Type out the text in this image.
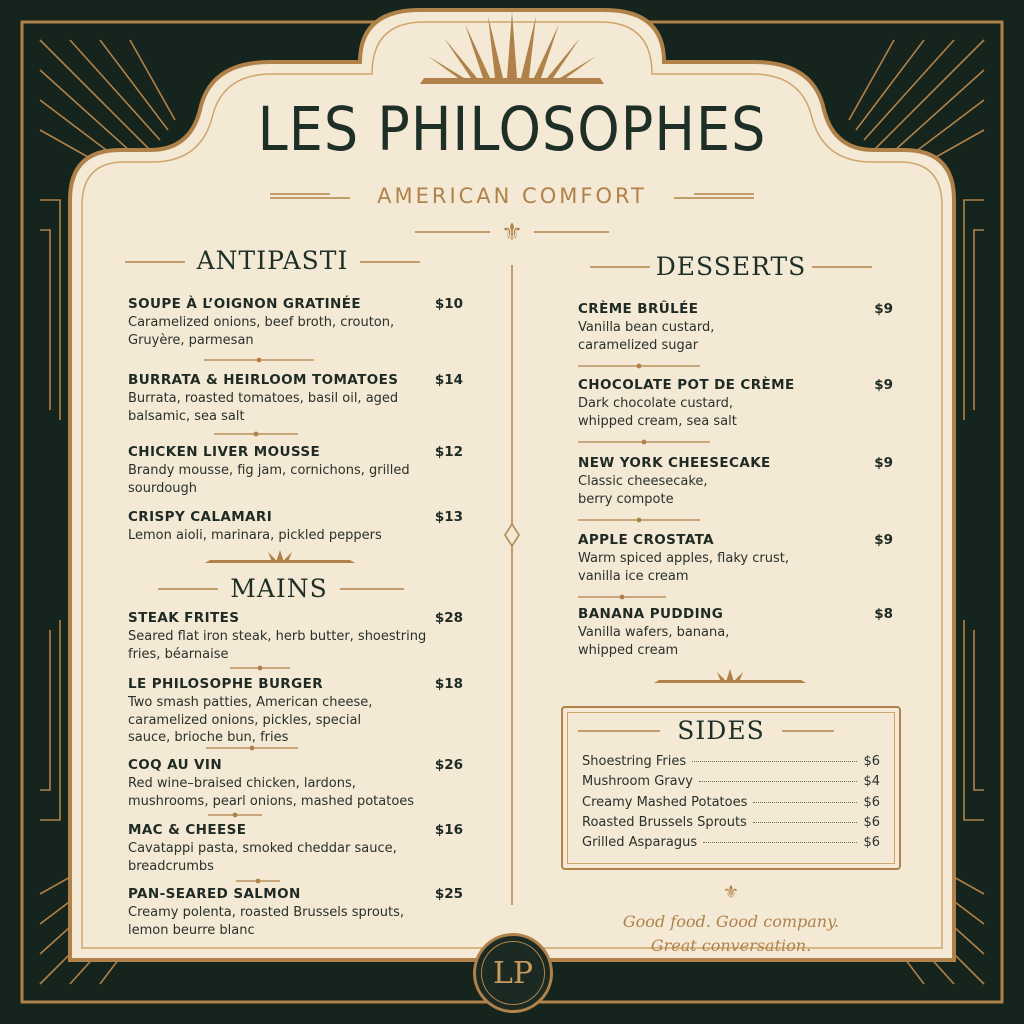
⚜
⚜
LES PHILOSOPHES
AMERICAN COMFORT
ANTIPASTI
SOUPE À L’OIGNON GRATINÉE	$10
Caramelized onions, beef broth, crouton, Gruyère, parmesan
BURRATA & HEIRLOOM TOMATOES	$14
Burrata, roasted tomatoes, basil oil, aged balsamic, sea salt
CHICKEN LIVER MOUSSE	$12
Brandy mousse, fig jam, cornichons, grilled sourdough
CRISPY CALAMARI	$13
Lemon aioli, marinara, pickled peppers
MAINS
STEAK FRITES	$28
Seared flat iron steak, herb butter, shoestring fries, béarnaise
LE PHILOSOPHE BURGER	$18
Two smash patties, American cheese, caramelized onions, pickles, special sauce, brioche bun, fries
COQ AU VIN	$26
Red wine–braised chicken, lardons, mushrooms, pearl onions, mashed potatoes
MAC & CHEESE	$16
Cavatappi pasta, smoked cheddar sauce, breadcrumbs
PAN-SEARED SALMON	$25
Creamy polenta, roasted Brussels sprouts, lemon beurre blanc
DESSERTS
CRÈME BRÛLÉE	$9
Vanilla bean custard, caramelized sugar
CHOCOLATE POT DE CRÈME	$9
Dark chocolate custard, whipped cream, sea salt
NEW YORK CHEESECAKE	$9
Classic cheesecake, berry compote
APPLE CROSTATA	$9
Warm spiced apples, flaky crust, vanilla ice cream
BANANA PUDDING	$8
Vanilla wafers, banana, whipped cream
SIDES
Shoestring Fries	$6
Mushroom Gravy	$4
Creamy Mashed Potatoes	$6
Roasted Brussels Sprouts	$6
Grilled Asparagus	$6
Good food. Good company.
Great conversation.
LP
